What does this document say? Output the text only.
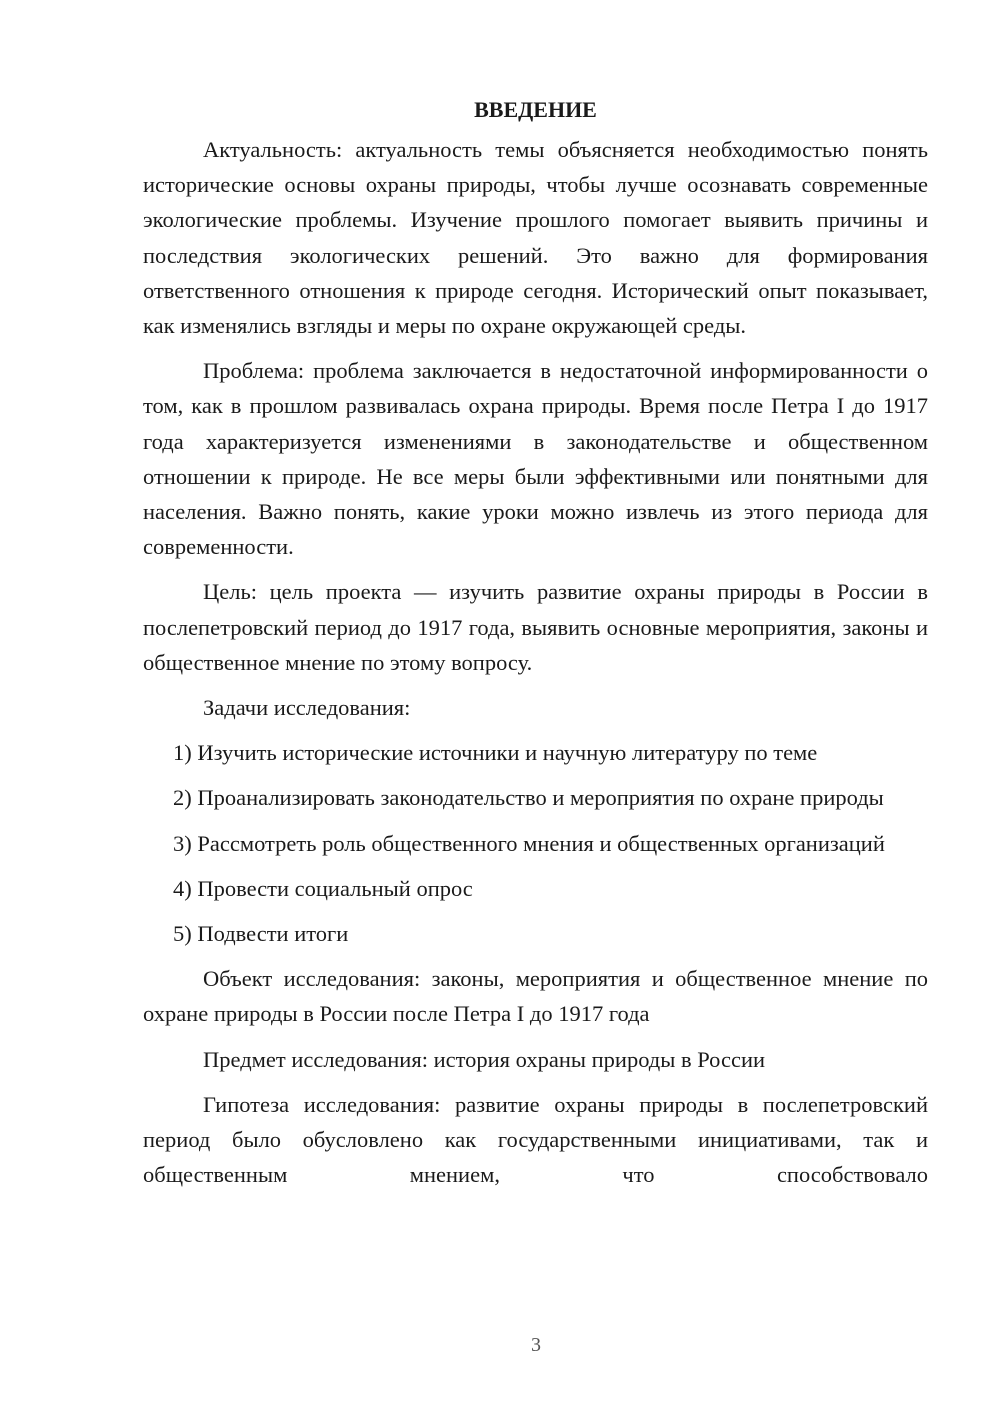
ВВЕДЕНИЕ

Актуальность: актуальность темы объясняется необходимостью понять исторические основы охраны природы, чтобы лучше осознавать современные экологические проблемы. Изучение прошлого помогает выявить причины и последствия экологических решений. Это важно для формирования ответственного отношения к природе сегодня. Исторический опыт показывает, как изменялись взгляды и меры по охране окружающей среды.

Проблема: проблема заключается в недостаточной информированности о том, как в прошлом развивалась охрана природы. Время после Петра I до 1917 года характеризуется изменениями в законодательстве и общественном отношении к природе. Не все меры были эффективными или понятными для населения. Важно понять, какие уроки можно извлечь из этого периода для современности.

Цель: цель проекта — изучить развитие охраны природы в России в послепетровский период до 1917 года, выявить основные мероприятия, законы и общественное мнение по этому вопросу.

Задачи исследования:

1) Изучить исторические источники и научную литературу по теме

2) Проанализировать законодательство и мероприятия по охране природы

3) Рассмотреть роль общественного мнения и общественных организаций

4) Провести социальный опрос

5) Подвести итоги

Объект исследования: законы, мероприятия и общественное мнение по охране природы в России после Петра I до 1917 года

Предмет исследования: история охраны природы в России

Гипотеза исследования: развитие охраны природы в послепетровский период было обусловлено как государственными инициативами, так и общественным мнением, что способствовало

3
